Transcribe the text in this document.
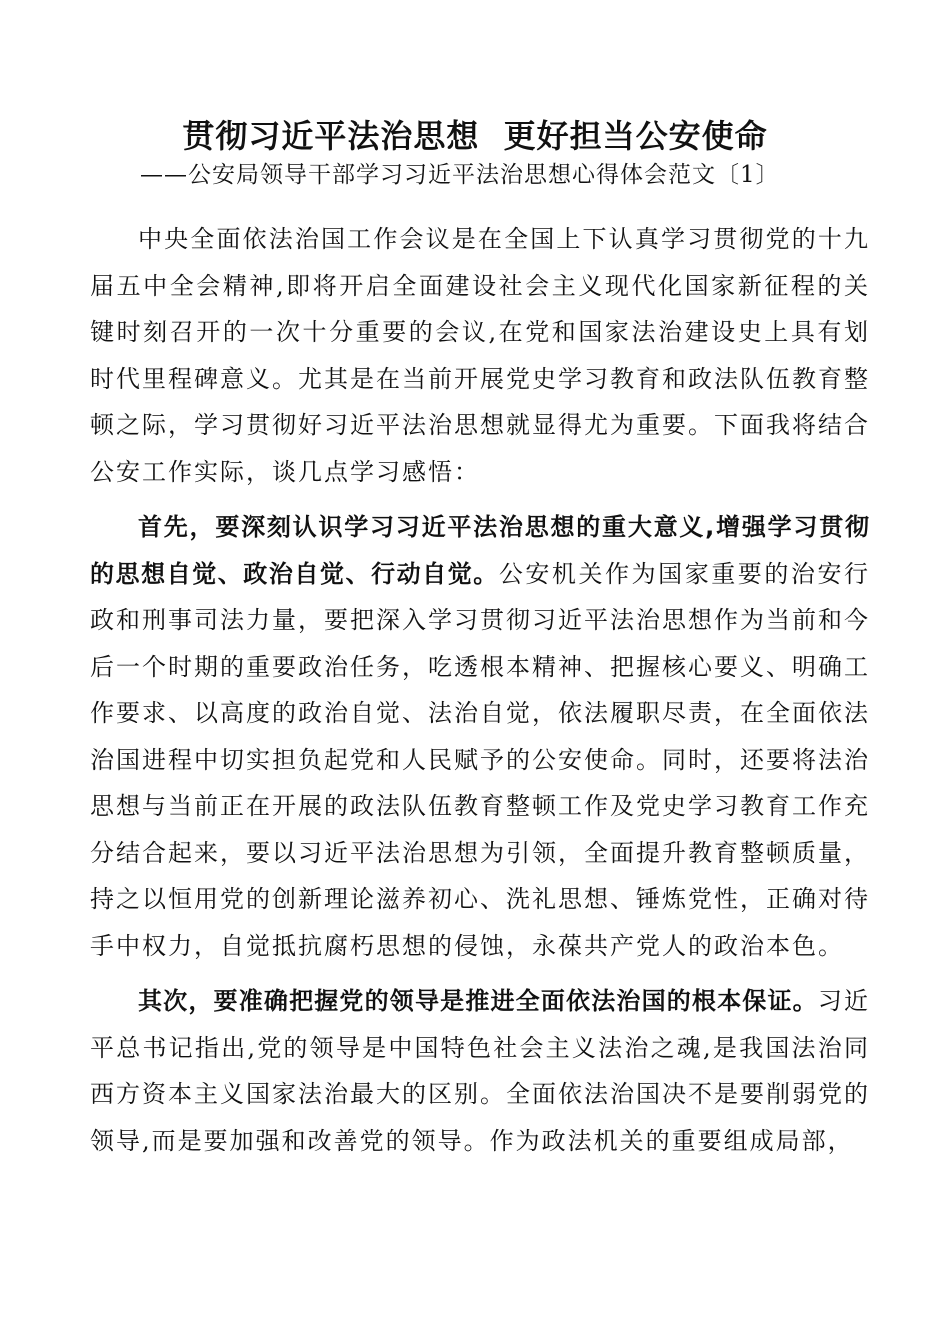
贯彻习近平法治思想  更好担当公安使命
——公安局领导干部学习习近平法治思想心得体会范文〔1〕

中央全面依法治国工作会议是在全国上下认真学习贯彻党的十九届五中全会精神,即将开启全面建设社会主义现代化国家新征程的关键时刻召开的一次十分重要的会议,在党和国家法治建设史上具有划时代里程碑意义。尤其是在当前开展党史学习教育和政法队伍教育整顿之际，学习贯彻好习近平法治思想就显得尤为重要。下面我将结合公安工作实际，谈几点学习感悟：

首先，要深刻认识学习习近平法治思想的重大意义,增强学习贯彻的思想自觉、政治自觉、行动自觉。公安机关作为国家重要的治安行政和刑事司法力量，要把深入学习贯彻习近平法治思想作为当前和今后一个时期的重要政治任务，吃透根本精神、把握核心要义、明确工作要求、以高度的政治自觉、法治自觉，依法履职尽责，在全面依法治国进程中切实担负起党和人民赋予的公安使命。同时，还要将法治思想与当前正在开展的政法队伍教育整顿工作及党史学习教育工作充分结合起来，要以习近平法治思想为引领，全面提升教育整顿质量，持之以恒用党的创新理论滋养初心、洗礼思想、锤炼党性，正确对待手中权力，自觉抵抗腐朽思想的侵蚀，永葆共产党人的政治本色。

其次，要准确把握党的领导是推进全面依法治国的根本保证。习近平总书记指出,党的领导是中国特色社会主义法治之魂,是我国法治同西方资本主义国家法治最大的区别。全面依法治国决不是要削弱党的领导,而是要加强和改善党的领导。作为政法机关的重要组成局部，
